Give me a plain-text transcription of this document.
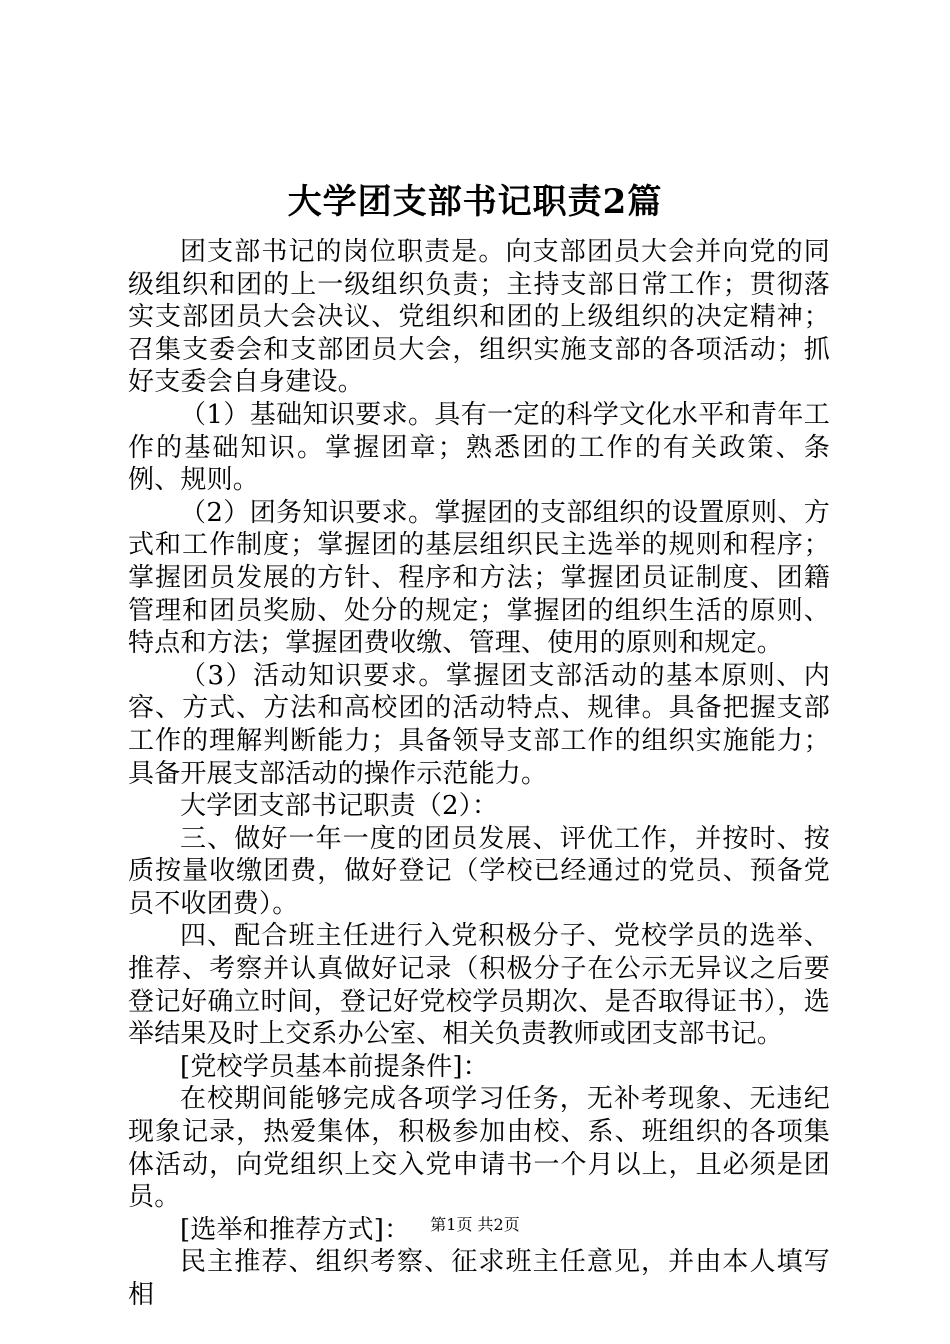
大学团支部书记职责2篇

团支部书记的岗位职责是。向支部团员大会并向党的同级组织和团的上一级组织负责；主持支部日常工作；贯彻落实支部团员大会决议、党组织和团的上级组织的决定精神；召集支委会和支部团员大会，组织实施支部的各项活动；抓好支委会自身建设。

（1）基础知识要求。具有一定的科学文化水平和青年工作的基础知识。掌握团章；熟悉团的工作的有关政策、条例、规则。

（2）团务知识要求。掌握团的支部组织的设置原则、方式和工作制度；掌握团的基层组织民主选举的规则和程序；掌握团员发展的方针、程序和方法；掌握团员证制度、团籍管理和团员奖励、处分的规定；掌握团的组织生活的原则、特点和方法；掌握团费收缴、管理、使用的原则和规定。

（3）活动知识要求。掌握团支部活动的基本原则、内容、方式、方法和高校团的活动特点、规律。具备把握支部工作的理解判断能力；具备领导支部工作的组织实施能力；具备开展支部活动的操作示范能力。

大学团支部书记职责（2）：

三、做好一年一度的团员发展、评优工作，并按时、按质按量收缴团费，做好登记（学校已经通过的党员、预备党员不收团费）。

四、配合班主任进行入党积极分子、党校学员的选举、推荐、考察并认真做好记录（积极分子在公示无异议之后要登记好确立时间，登记好党校学员期次、是否取得证书），选举结果及时上交系办公室、相关负责教师或团支部书记。

[党校学员基本前提条件]：

在校期间能够完成各项学习任务，无补考现象、无违纪现象记录，热爱集体，积极参加由校、系、班组织的各项集体活动，向党组织上交入党申请书一个月以上，且必须是团员。

[选举和推荐方式]：

民主推荐、组织考察、征求班主任意见，并由本人填写相

第1页 共2页
